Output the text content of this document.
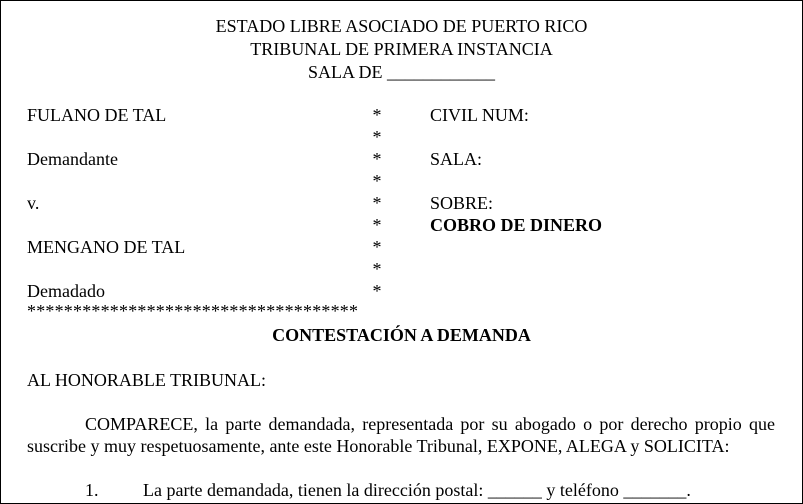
ESTADO LIBRE ASOCIADO DE PUERTO RICO
TRIBUNAL DE PRIMERA INSTANCIA
SALA DE ____________
FULANO DE TAL
Demandante
v.
MENGANO DE TAL
Demadado
*
*
*
*
*
*
*
*
*
************************************
CIVIL NUM:
SALA:
SOBRE:
COBRO DE DINERO
CONTESTACIÓN A DEMANDA
AL HONORABLE TRIBUNAL:
COMPARECE, la parte demandada, representada por su abogado o por derecho propio que suscribe y muy respetuosamente, ante este Honorable Tribunal, EXPONE, ALEGA y SOLICITA:
1. La parte demandada, tienen la dirección postal: ______ y teléfono _______.
